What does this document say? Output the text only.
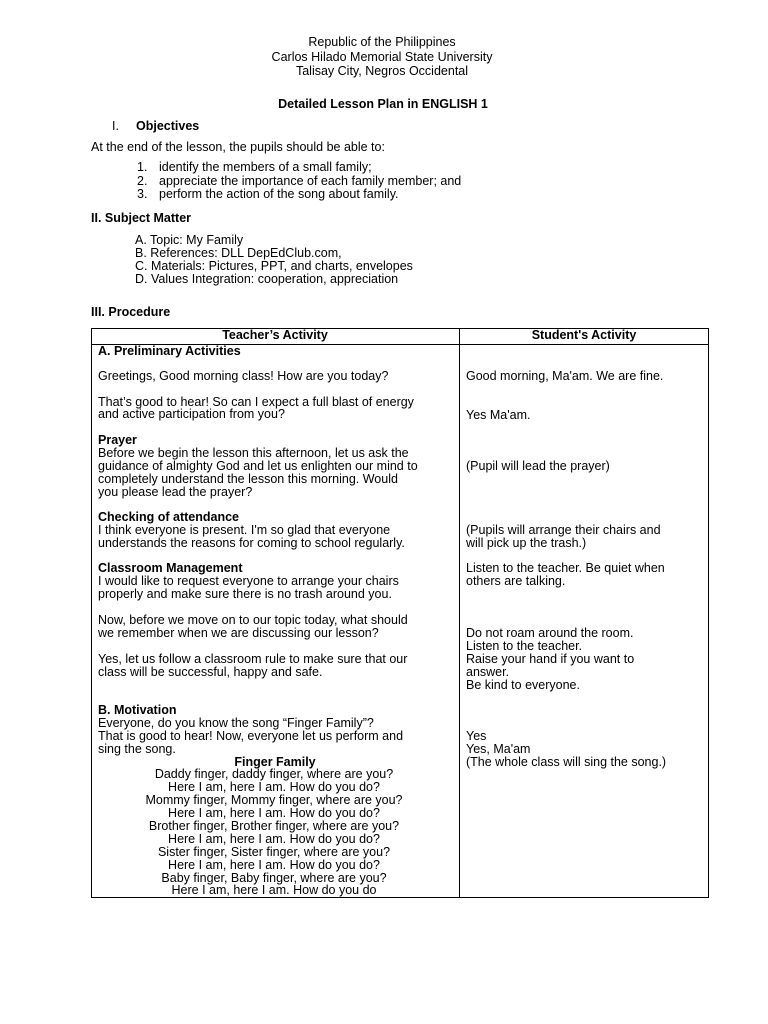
Republic of the Philippines
Carlos Hilado Memorial State University
Talisay City, Negros Occidental
Detailed Lesson Plan in ENGLISH 1
I. Objectives
At the end of the lesson, the pupils should be able to:
1. identify the members of a small family;
2. appreciate the importance of each family member; and
3. perform the action of the song about family.
II. Subject Matter
A. Topic: My Family
B. References: DLL DepEdClub.com,
C. Materials: Pictures, PPT, and charts, envelopes
D. Values Integration: cooperation, appreciation
III. Procedure
Teacher’s Activity	Student's Activity
A. Preliminary Activities
Greetings, Good morning class! How are you today?
That’s good to hear! So can I expect a full blast of energy
and active participation from you?
Prayer
Before we begin the lesson this afternoon, let us ask the
guidance of almighty God and let us enlighten our mind to
completely understand the lesson this morning. Would
you please lead the prayer?
Checking of attendance
I think everyone is present. I'm so glad that everyone
understands the reasons for coming to school regularly.
Classroom Management
I would like to request everyone to arrange your chairs
properly and make sure there is no trash around you.
Now, before we move on to our topic today, what should
we remember when we are discussing our lesson?
Yes, let us follow a classroom rule to make sure that our
class will be successful, happy and safe.
B. Motivation
Everyone, do you know the song “Finger Family”?
That is good to hear! Now, everyone let us perform and
sing the song.
Finger Family
Daddy finger, daddy finger, where are you?
Here I am, here I am. How do you do?
Mommy finger, Mommy finger, where are you?
Here I am, here I am. How do you do?
Brother finger, Brother finger, where are you?
Here I am, here I am. How do you do?
Sister finger, Sister finger, where are you?
Here I am, here I am. How do you do?
Baby finger, Baby finger, where are you?
Here I am, here I am. How do you do
Good morning, Ma'am. We are fine.
Yes Ma'am.
(Pupil will lead the prayer)
(Pupils will arrange their chairs and
will pick up the trash.)
Listen to the teacher. Be quiet when
others are talking.
Do not roam around the room.
Listen to the teacher.
Raise your hand if you want to
answer.
Be kind to everyone.
Yes
Yes, Ma'am
(The whole class will sing the song.)
